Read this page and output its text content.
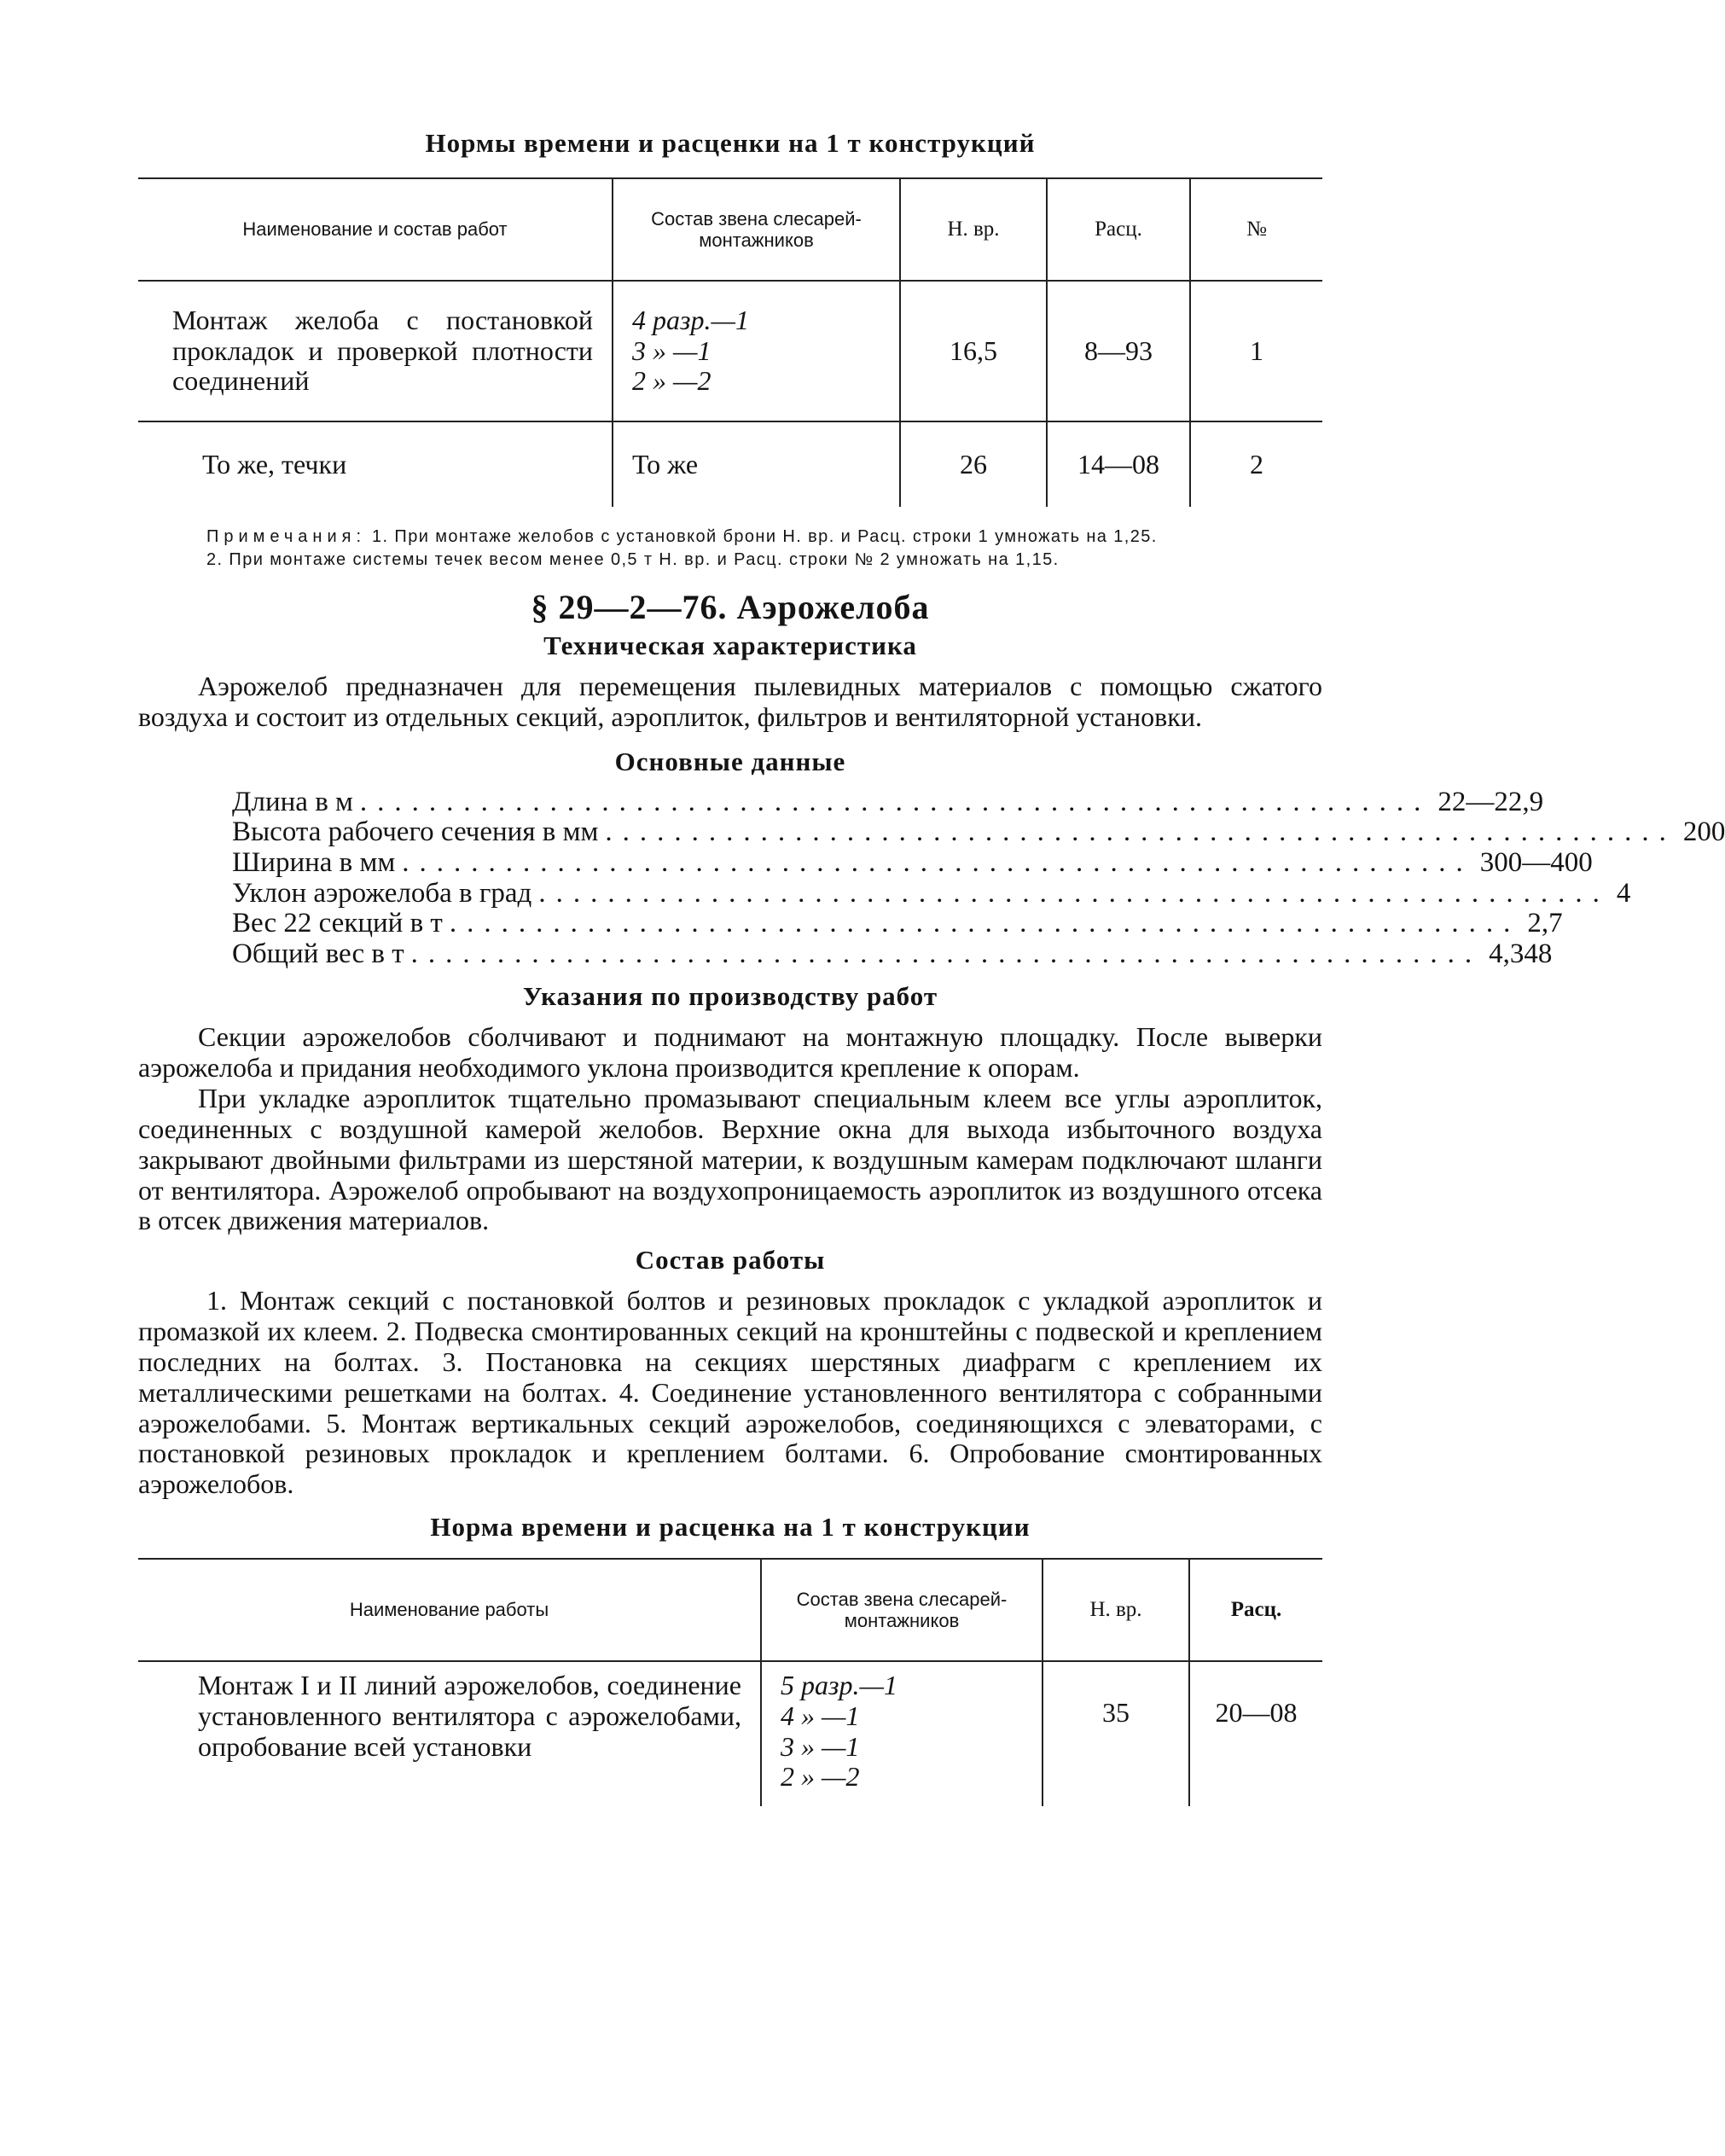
Нормы времени и расценки на 1 т конструкций
Наименование и состав работ	Состав звена слесарей-монтажников	Н. вр.	Расц.	№
Монтаж желоба с постановкой прокладок и проверкой плотности соединений	4 разр.—1
3 » —1
2 » —2	16,5	8—93	1
То же, течки	То же	26	14—08	2

Примечания: 1. При монтаже желобов с установкой брони Н. вр. и Расц. строки 1 умножать на 1,25.

2. При монтаже системы течек весом менее 0,5 т Н. вр. и Расц. строки № 2 умножать на 1,15.

§ 29—2—76. Аэрожелоба
Техническая характеристика

Аэрожелоб предназначен для перемещения пылевидных материалов с помощью сжатого воздуха и состоит из отдельных секций, аэроплиток, фильтров и вентиляторной установки.

Основные данные
Длина в м .............................................................. 22—22,9
Высота рабочего сечения в мм .............................................................. 200
Ширина в мм .............................................................. 300—400
Уклон аэрожелоба в град .............................................................. 4
Вес 22 секций в т .............................................................. 2,7
Общий вес в т .............................................................. 4,348
Указания по производству работ

Секции аэрожелобов сболчивают и поднимают на монтажную площадку. После выверки аэрожелоба и придания необходимого уклона производится крепление к опорам.

При укладке аэроплиток тщательно промазывают специальным клеем все углы аэроплиток, соединенных с воздушной камерой желобов. Верхние окна для выхода избыточного воздуха закрывают двойными фильтрами из шерстяной материи, к воздушным камерам подключают шланги от вентилятора. Аэрожелоб опробывают на воздухопроницаемость аэроплиток из воздушного отсека в отсек движения материалов.

Состав работы

1. Монтаж секций с постановкой болтов и резиновых прокладок с укладкой аэроплиток и промазкой их клеем. 2. Подвеска смонтированных секций на кронштейны с подвеской и креплением последних на болтах. 3. Постановка на секциях шерстяных диафрагм с креплением их металлическими решетками на болтах. 4. Соединение установленного вентилятора с собранными аэрожелобами. 5. Монтаж вертикальных секций аэрожелобов, соединяющихся с элеваторами, с постановкой резиновых прокладок и креплением болтами. 6. Опробование смонтированных аэрожелобов.

Норма времени и расценка на 1 т конструкции
Наименование работы	Состав звена слесарей-монтажников	Н. вр.	Расц.
Монтаж I и II линий аэрожелобов, соединение установленного вентилятора с аэрожелобами, опробование всей установки	5 разр.—1
4 » —1
3 » —1
2 » —2	35	20—08
